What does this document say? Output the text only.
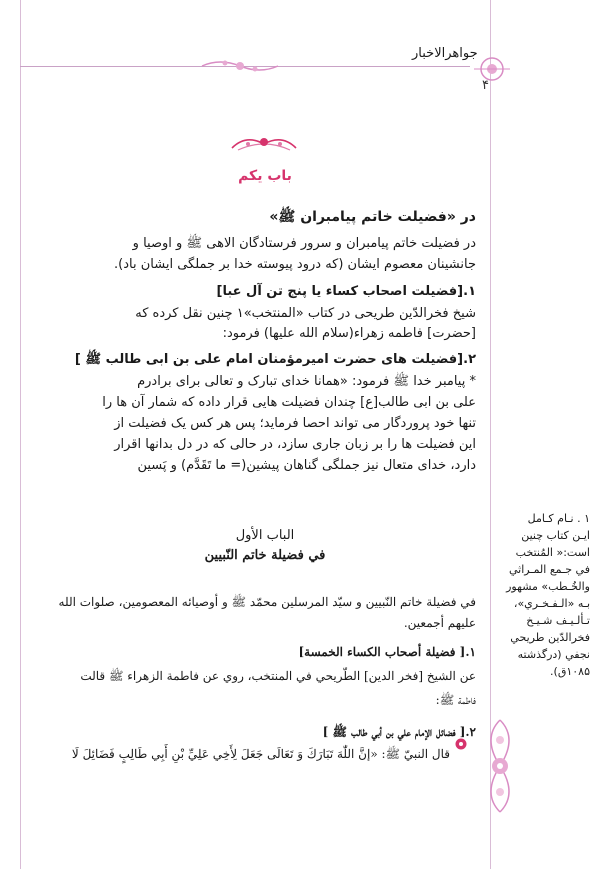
جواهرالاخبار
۴
باب یکم
در «فضیلت خاتم پیامبران ﷺ»
در فضیلت خاتم پیامبران و سرور فرستادگان الاهی ﷺ و اوصیا و
جانشینان معصوم ایشان (که درود پیوسته خدا بر جملگی ایشان باد).
۱.[فضیلت اصحاب کساء یا پنج تن آل عبا]
شیخ فخرالدّین طریحی در کتاب «المنتخب»۱ چنین نقل کرده که
[حضرت] فاطمه زهراء(سلام الله علیها) فرمود:
۲.[فضیلت های حضرت امیرمؤمنان امام علی بن ابی طالب ﷺ ]
* پیامبر خدا ﷺ فرمود: «همانا خدای تبارک و تعالی برای برادرم
علی بن ابی طالب[ع] چندان فضیلت هایی قرار داده که شمار آن ها را
تنها خود پروردگار می تواند احصا فرماید؛ پس هر کس یک فضیلت از
این فضیلت ها را بر زبان جاری سازد، در حالی که در دل بدانها اقرار
دارد، خدای متعال نیز جملگی گناهان پیشین(= ما تَقَدَّم) و پَسین
۱ . نـام کـامل
ایـن کتاب چنین
است:« المُنتخب
في جـمع المـراثي
والخُـطب» مشهور
بـه «الـفـخـري»،
تـألـیـف شـیـخ
فخرالدّین طریحي
نجفي (درگذشته
۱۰۸۵ق).
الباب الأول
في فضيلة خاتم النّبيين
في فضيلة خاتم النّبيين و سيّد المرسلين محمّد ﷺ و أوصيائه المعصومين، صلوات الله
عليهم أجمعين.
۱.[ فضيلة أصحاب الكساء الخمسة]
عن الشيخ [فخر الدين] الطّريحي في المنتخب، روي عن فاطمة الزهراء ﷺ قالت
فاطمة ﷺ:
۲.[ فضائل الإمام علي بن أبي طالب ﷺ ]
قال النبيّ ﷺ: «إنَّ اللّٰهَ تَبَارَكَ وَ تَعَالَى جَعَلَ لِأَخِي عَلِيِّ بْنِ أَبِي طَالِبٍ فَضَائِلَ لَا
